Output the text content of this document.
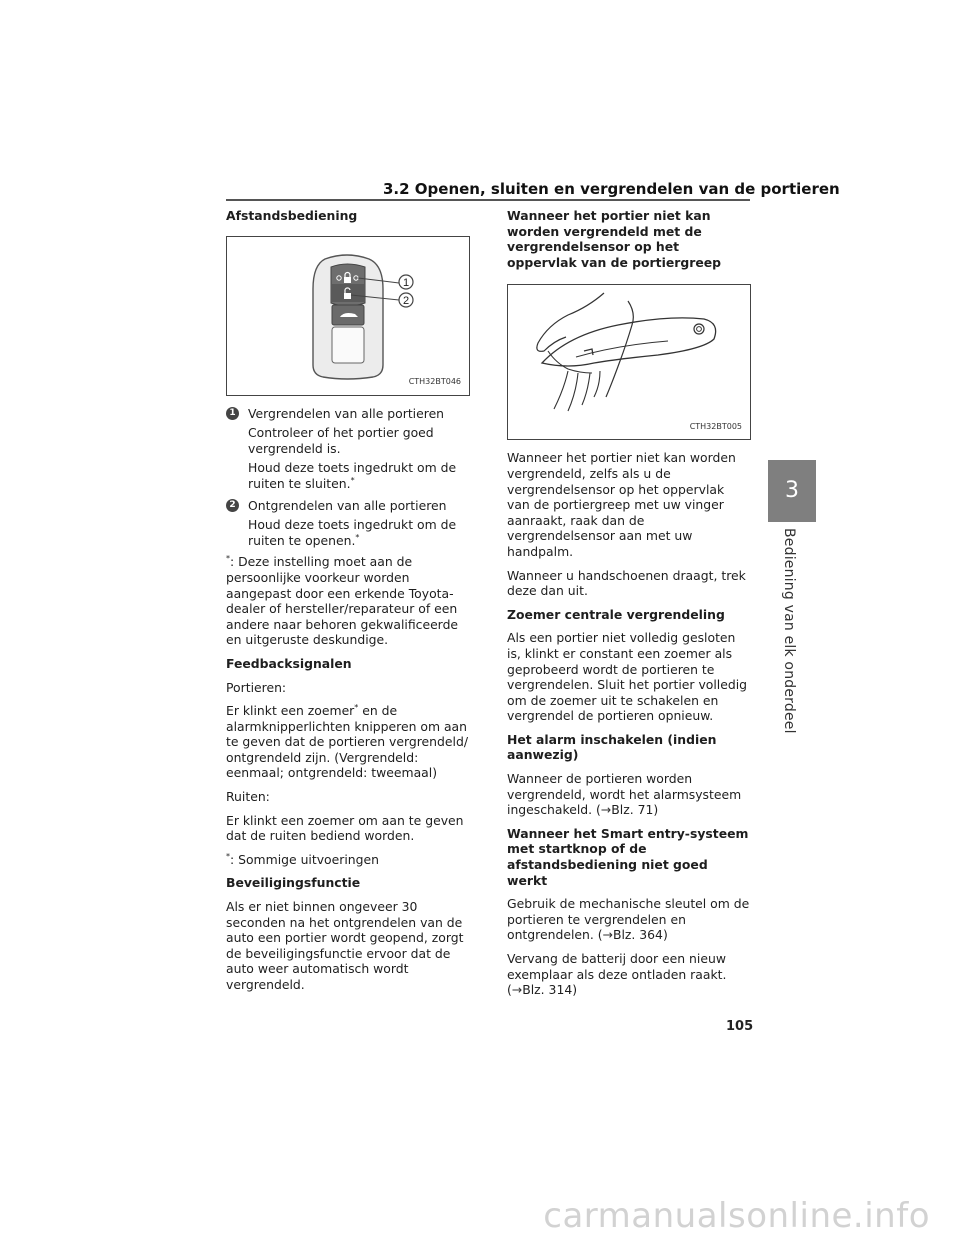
3.2 Openen, sluiten en vergrendelen van de portieren

Afstandsbediening

1
2
CTH32BT046
1 Vergrendelen van alle portieren

Controleer of het portier goed vergrendeld is.

Houd deze toets ingedrukt om de ruiten te sluiten.*

2 Ontgrendelen van alle portieren

Houd deze toets ingedrukt om de ruiten te openen.*

*: Deze instelling moet aan de persoonlijke voorkeur worden aangepast door een erkende Toyota-dealer of hersteller/reparateur of een andere naar behoren gekwalificeerde en uitgeruste deskundige.

Feedbacksignalen

Portieren:

Er klinkt een zoemer* en de alarmknipperlichten knipperen om aan te geven dat de portieren vergrendeld/ ontgrendeld zijn. (Vergrendeld: eenmaal; ontgrendeld: tweemaal)

Ruiten:

Er klinkt een zoemer om aan te geven dat de ruiten bediend worden.

*: Sommige uitvoeringen

Beveiligingsfunctie

Als er niet binnen ongeveer 30 seconden na het ontgrendelen van de auto een portier wordt geopend, zorgt de beveiligingsfunctie ervoor dat de auto weer automatisch wordt vergrendeld.

Wanneer het portier niet kan worden vergrendeld met de vergrendelsensor op het oppervlak van de portiergreep

CTH32BT005

Wanneer het portier niet kan worden vergrendeld, zelfs als u de vergrendelsensor op het oppervlak van de portiergreep met uw vinger aanraakt, raak dan de vergrendelsensor aan met uw handpalm.

Wanneer u handschoenen draagt, trek deze dan uit.

Zoemer centrale vergrendeling

Als een portier niet volledig gesloten is, klinkt er constant een zoemer als geprobeerd wordt de portieren te vergrendelen. Sluit het portier volledig om de zoemer uit te schakelen en vergrendel de portieren opnieuw.

Het alarm inschakelen (indien aanwezig)

Wanneer de portieren worden vergrendeld, wordt het alarmsysteem ingeschakeld. (→Blz. 71)

Wanneer het Smart entry-systeem met startknop of de afstandsbediening niet goed werkt

Gebruik de mechanische sleutel om de portieren te vergrendelen en ontgrendelen. (→Blz. 364)

Vervang de batterij door een nieuw exemplaar als deze ontladen raakt.
(→Blz. 314)

3
Bediening van elk onderdeel
105
carmanualsonline.info
